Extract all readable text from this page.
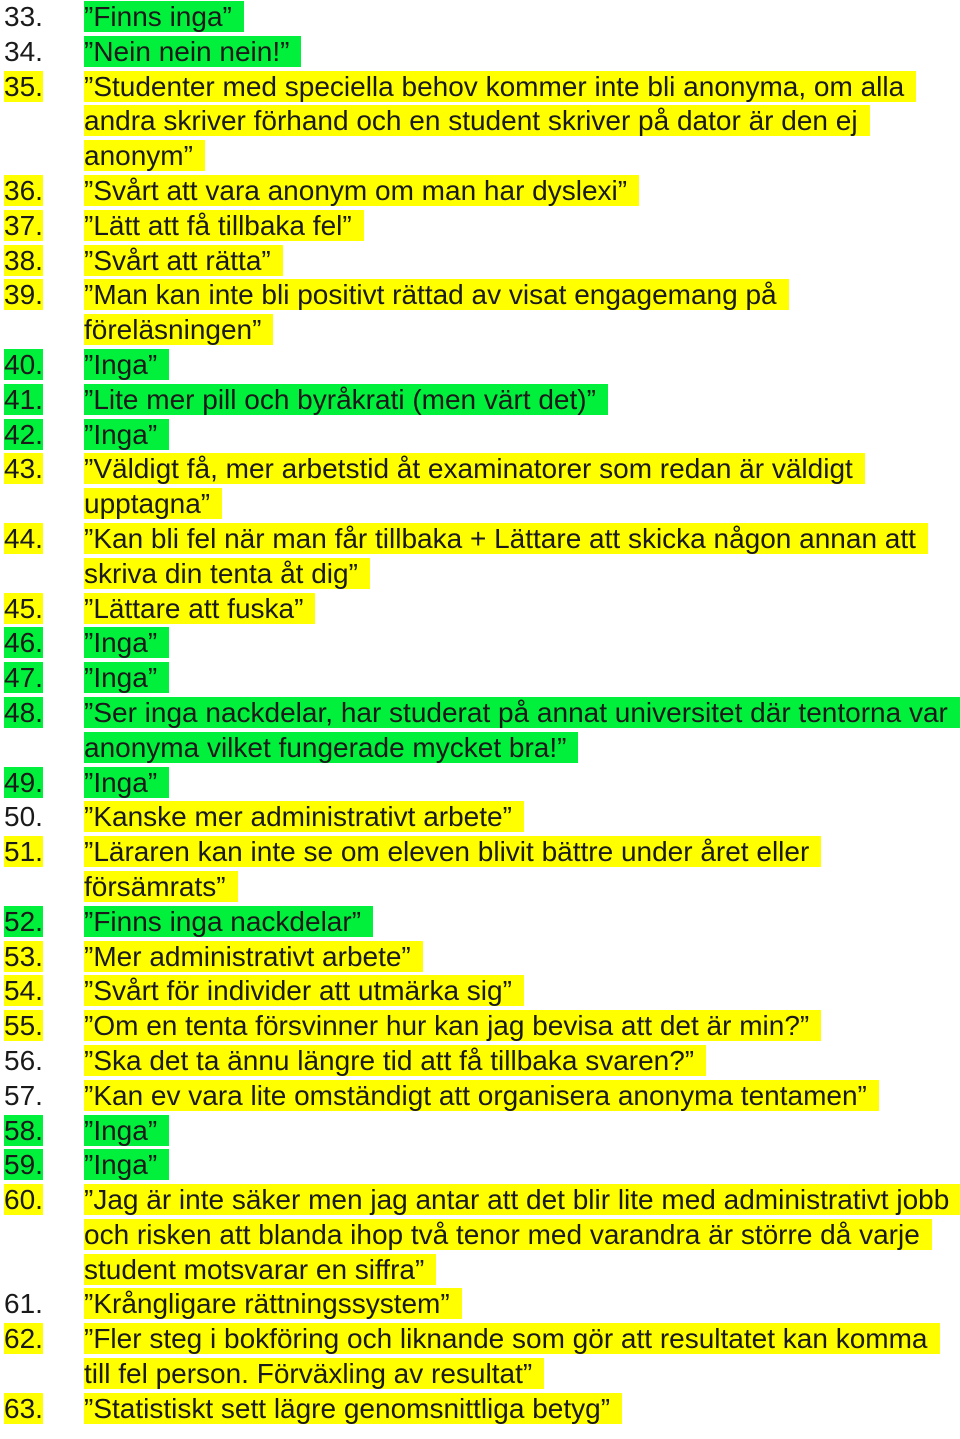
33. ”Finns inga”
34. ”Nein nein nein!”
35. ”Studenter med speciella behov kommer inte bli anonyma, om alla andra skriver förhand och en student skriver på dator är den ej anonym”
36. ”Svårt att vara anonym om man har dyslexi”
37. ”Lätt att få tillbaka fel”
38. ”Svårt att rätta”
39. ”Man kan inte bli positivt rättad av visat engagemang på föreläsningen”
40. ”Inga”
41. ”Lite mer pill och byråkrati (men värt det)”
42. ”Inga”
43. ”Väldigt få, mer arbetstid åt examinatorer som redan är väldigt upptagna”
44. ”Kan bli fel när man får tillbaka + Lättare att skicka någon annan att skriva din tenta åt dig”
45. ”Lättare att fuska”
46. ”Inga”
47. ”Inga”
48. ”Ser inga nackdelar, har studerat på annat universitet där tentorna var anonyma vilket fungerade mycket bra!”
49. ”Inga”
50. ”Kanske mer administrativt arbete”
51. ”Läraren kan inte se om eleven blivit bättre under året eller försämrats”
52. ”Finns inga nackdelar”
53. ”Mer administrativt arbete”
54. ”Svårt för individer att utmärka sig”
55. ”Om en tenta försvinner hur kan jag bevisa att det är min?”
56. ”Ska det ta ännu längre tid att få tillbaka svaren?”
57. ”Kan ev vara lite omständigt att organisera anonyma tentamen”
58. ”Inga”
59. ”Inga”
60. ”Jag är inte säker men jag antar att det blir lite med administrativt jobb och risken att blanda ihop två tenor med varandra är större då varje student motsvarar en siffra”
61. ”Krångligare rättningssystem”
62. ”Fler steg i bokföring och liknande som gör att resultatet kan komma till fel person. Förväxling av resultat”
63. ”Statistiskt sett lägre genomsnittliga betyg”
